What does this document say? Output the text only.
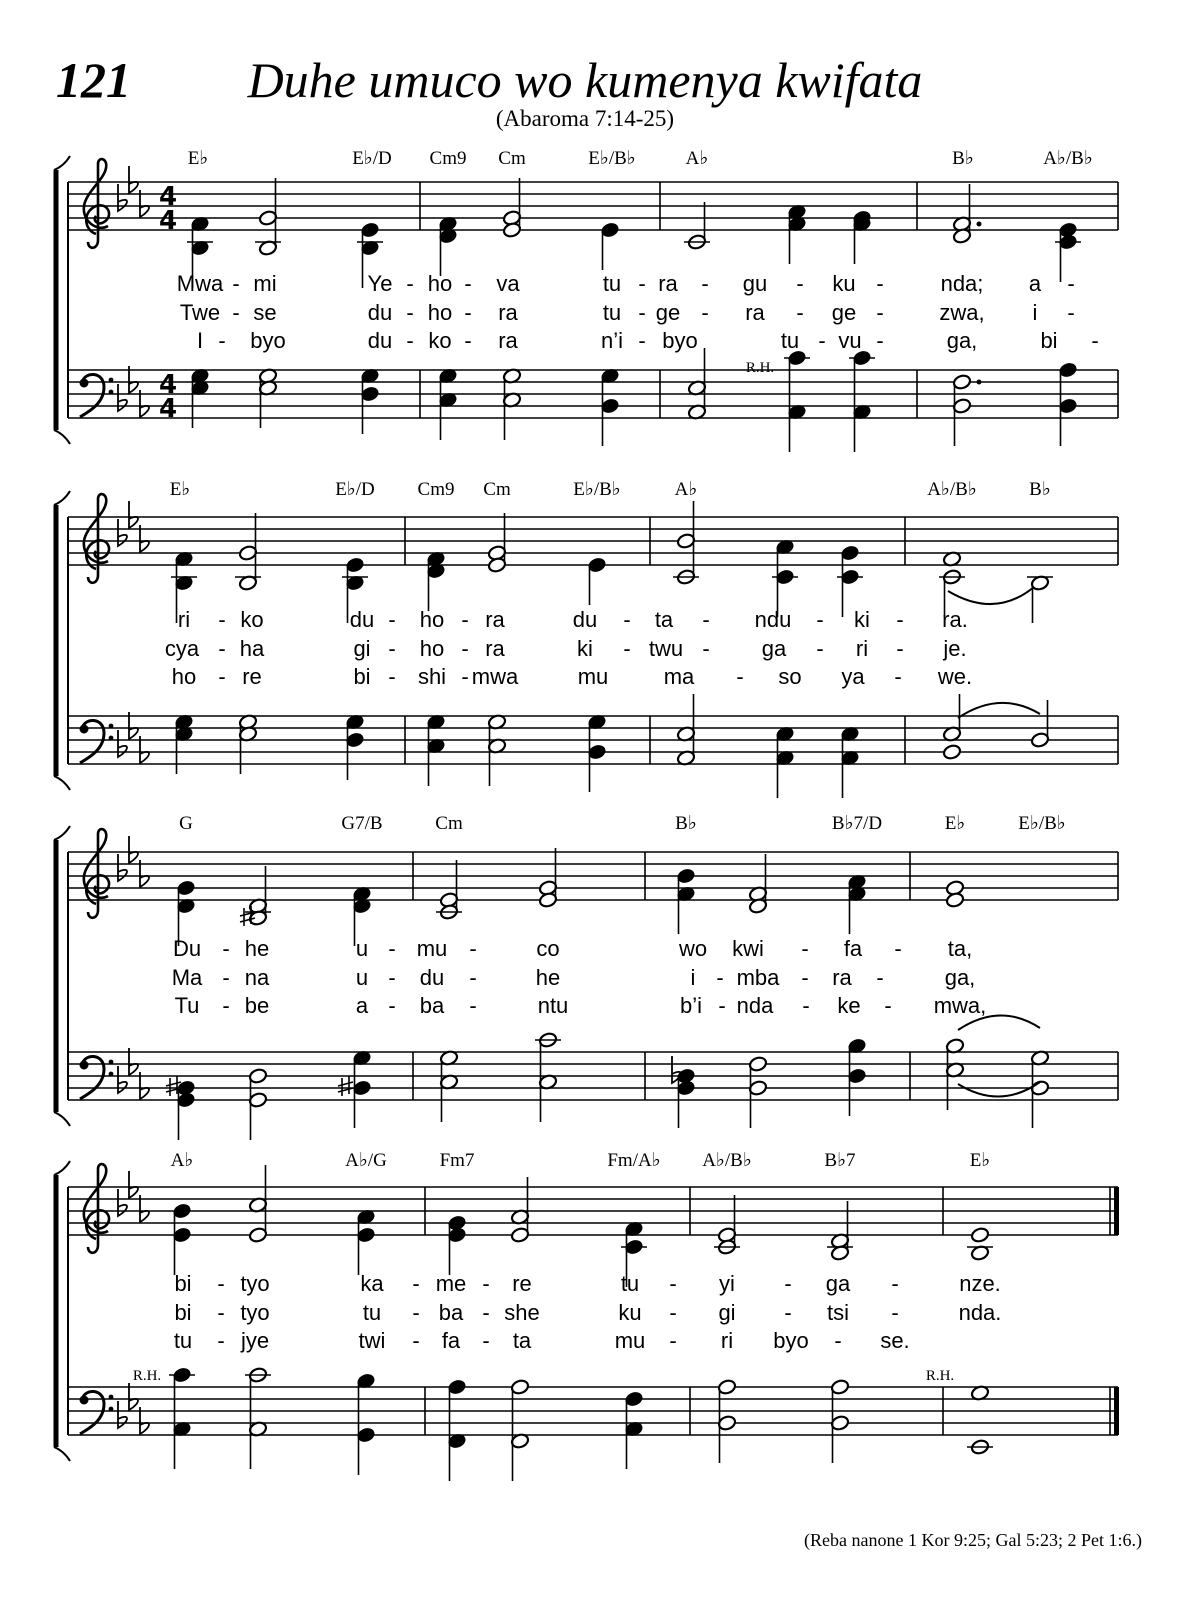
121	Duhe umuco wo kumenya kwifata
(Abaroma 7:14-25)
4
4
4
4
E♭	E♭/D Cm9 Cm	E♭/B♭	A♭	B♭	A♭/B♭
Mwa - mi	Ye - ho - va	tu - ra - gu - ku -	nda; a -
Twe - se	du - ho - ra	tu - ge - ra - ge -	zwa, i -
I - byo	du - ko - ra	n’i - byo	tu - vu -	ga,	bi -
R.H.
E♭	E♭/D Cm9 Cm	E♭/B♭	A♭	A♭/B♭	B♭
ri - ko	du - ho - ra	du - ta - ndu - ki - ra.
cya - ha	gi - ho - ra	ki - twu - ga - ri - je.
ho - re	bi - shi - mwa	mu	ma - so ya - we.
G	G7/B	Cm	B♭	B♭7/D	E♭	E♭/B♭
Du - he	u - mu -	co	wo kwi - fa - ta,
Ma - na	u - du -	he	i - mba - ra -	ga,
Tu - be	a - ba -	ntu	b’i - nda - ke - mwa,
A♭	A♭/G	Fm7	Fm/A♭ A♭/B♭	B♭7	E♭
bi - tyo	ka - me - re	tu - yi - ga -	nze.
bi - tyo	tu - ba - she	ku - gi - tsi -	nda.
tu - jye	twi - fa - ta	mu - ri byo - se.
R.H.	R.H.
(Reba nanone 1 Kor 9:25; Gal 5:23; 2 Pet 1:6.)
